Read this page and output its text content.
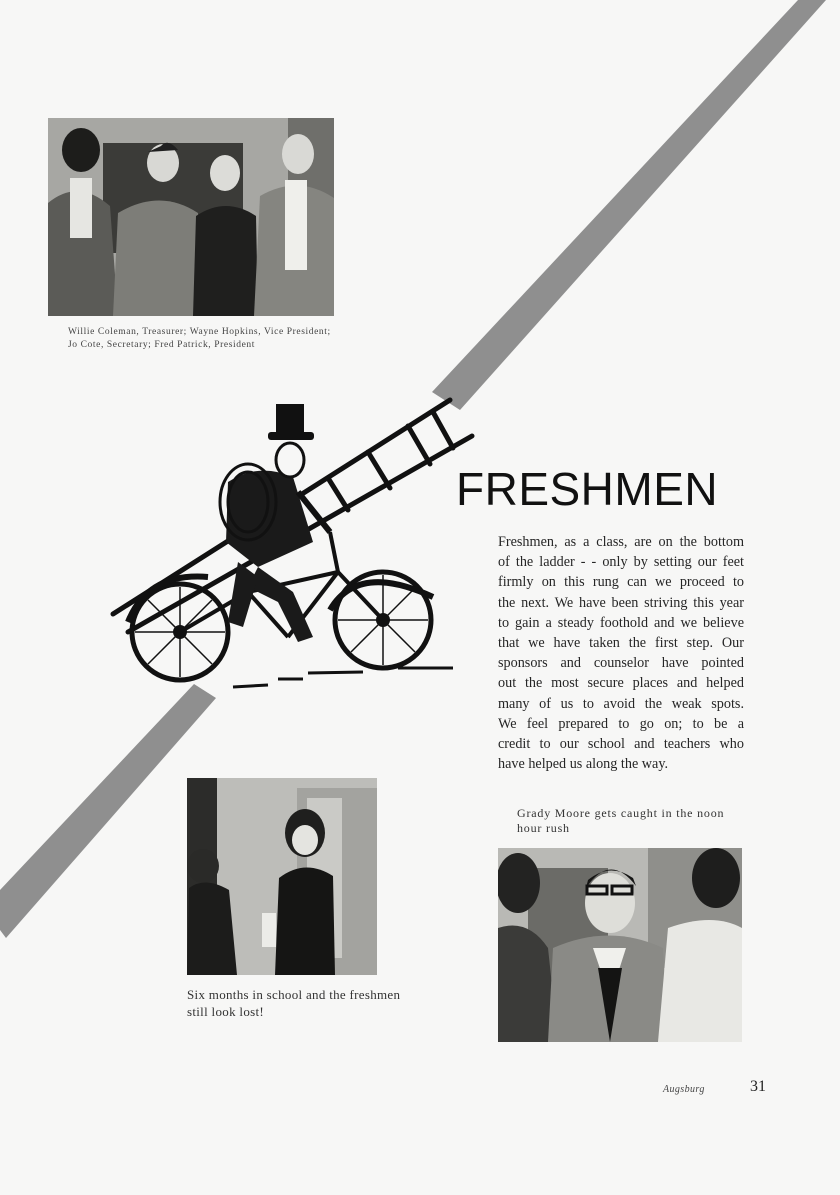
Willie Coleman, Treasurer; Wayne Hopkins, Vice President;
Jo Cote, Secretary; Fred Patrick, President
FRESHMEN

Freshmen, as a class, are on the bottom
of the ladder - - only by setting our feet
firmly on this rung can we proceed to
the next. We have been striving this year
to gain a steady foothold and we believe
that we have taken the first step. Our
sponsors and counselor have pointed
out the most secure places and helped
many of us to avoid the weak spots.
We feel prepared to go on; to be a
credit to our school and teachers who
have helped us along the way.

Six months in school and the freshmen
still look lost!
Grady Moore gets caught in the noon
hour rush
Augsburg	31
